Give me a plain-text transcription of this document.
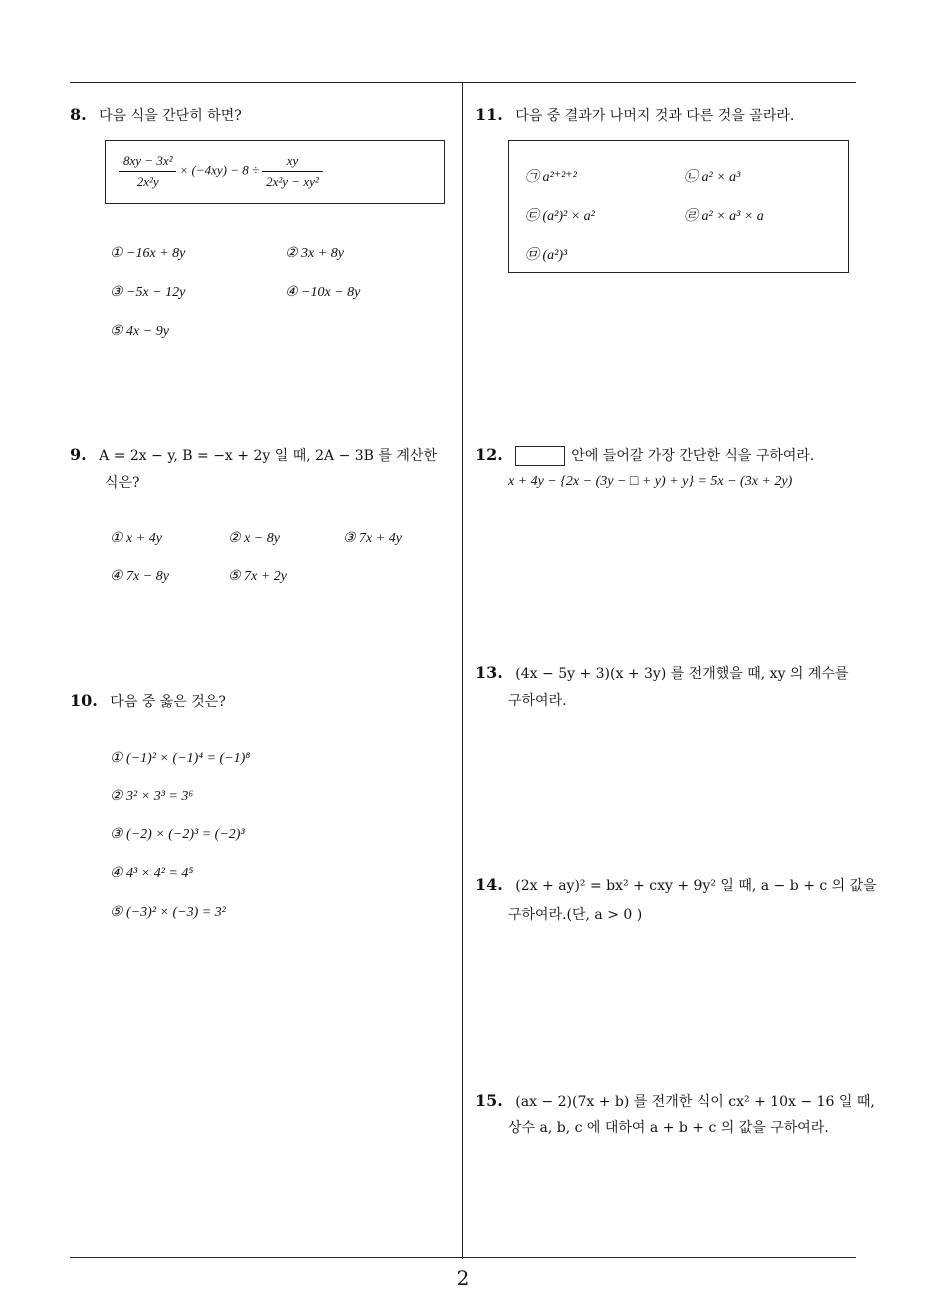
8. 다음 식을 간단히 하면?
$\frac{\text{8xy − 3x²}}{\text{2x²y}} \times (-4xy) - 8 \div \frac{xy}{\text{2x²y − xy²}}$
① −16x + 8y	② 3x + 8y
③ −5x − 12y	④ −10x − 8y
⑤ 4x − 9y
9. A = 2x − y, B = −x + 2y 일 때, 2A − 3B 를 계산한
식은?
① x + 4y	② x − 8y	③ 7x + 4y
④ 7x − 8y	⑤ 7x + 2y
10. 다음 중 옳은 것은?
① (−1)² × (−1)⁴ = (−1)⁸
② 3² × 3³ = 3⁶
③ (−2) × (−2)³ = (−2)³
④ 4³ × 4² = 4⁵
⑤ (−3)² × (−3) = 3²
11. 다음 중 결과가 나머지 것과 다른 것을 골라라.
㉠ a²⁺²⁺²	㉡ a² × a³
㉢ (a²)² × a²	㉣ a² × a³ × a
㉤ (a²)³
12.	안에 들어갈 가장 간단한 식을 구하여라.
x + 4y − {2x − (3y − □ + y) + y} = 5x − (3x + 2y)
13. (4x − 5y + 3)(x + 3y) 를 전개했을 때, xy 의 계수를
구하여라.
14. (2x + ay)² = bx² + cxy + 9y² 일 때, a − b + c 의 값을
구하여라.(단, a > 0 )
15. (ax − 2)(7x + b) 를 전개한 식이 cx² + 10x − 16 일 때,
상수 a, b, c 에 대하여 a + b + c 의 값을 구하여라.
2
